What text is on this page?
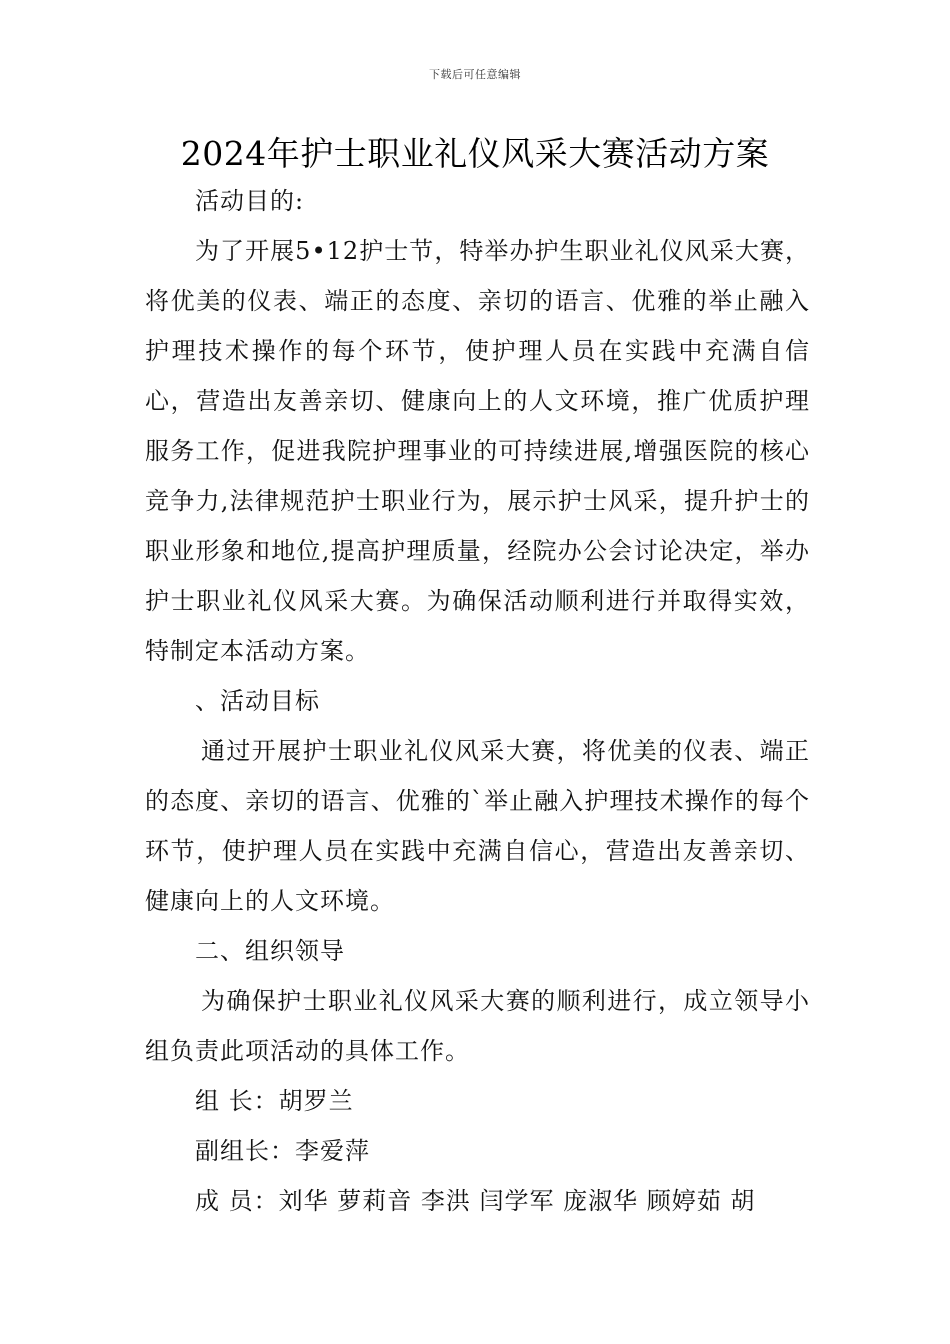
下载后可任意编辑
2024年护士职业礼仪风采大赛活动方案

活动目的:

为了开展5•12护士节，特举办护生职业礼仪风采大赛，将优美的仪表、端正的态度、亲切的语言、优雅的举止融入护理技术操作的每个环节，使护理人员在实践中充满自信心，营造出友善亲切、健康向上的人文环境，推广优质护理服务工作，促进我院护理事业的可持续进展,增强医院的核心竞争力,法律规范护士职业行为，展示护士风采，提升护士的职业形象和地位,提高护理质量，经院办公会讨论决定，举办护士职业礼仪风采大赛。为确保活动顺利进行并取得实效，特制定本活动方案。

、活动目标

通过开展护士职业礼仪风采大赛，将优美的仪表、端正的态度、亲切的语言、优雅的`举止融入护理技术操作的每个环节，使护理人员在实践中充满自信心，营造出友善亲切、健康向上的人文环境。

二、组织领导

为确保护士职业礼仪风采大赛的顺利进行，成立领导小组负责此项活动的具体工作。

组 长：胡罗兰

副组长：李爱萍

成 员：刘华 萝莉音 李洪 闫学军 庞淑华 顾婷茹 胡
